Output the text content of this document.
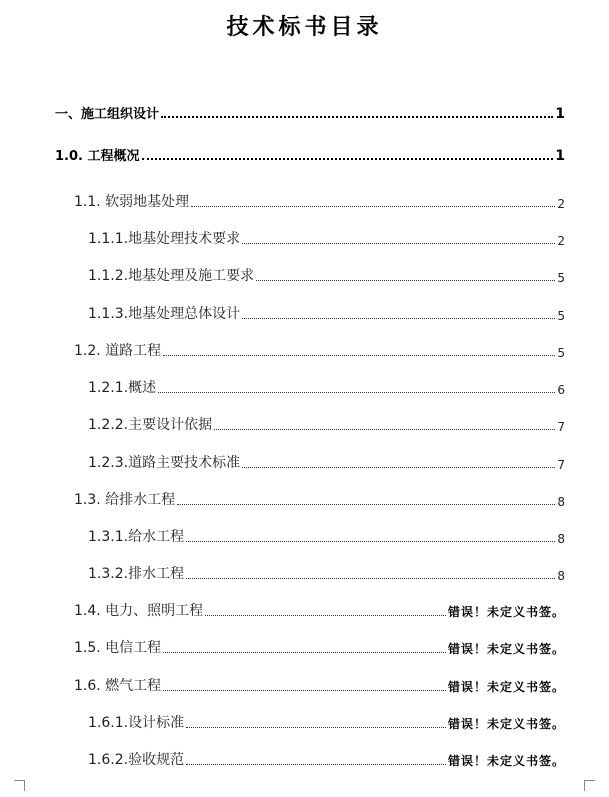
技术标书目录
一、施工组织设计	1
1.0. 工程概况	1
1.1. 软弱地基处理	2
1.1.1.地基处理技术要求	2
1.1.2.地基处理及施工要求	5
1.1.3.地基处理总体设计	5
1.2. 道路工程	5
1.2.1.概述	6
1.2.2.主要设计依据	7
1.2.3.道路主要技术标准	7
1.3. 给排水工程	8
1.3.1.给水工程	8
1.3.2.排水工程	8
1.4. 电力、照明工程	错误！未定义书签。
1.5. 电信工程	错误！未定义书签。
1.6. 燃气工程	错误！未定义书签。
1.6.1.设计标准	错误！未定义书签。
1.6.2.验收规范	错误！未定义书签。
